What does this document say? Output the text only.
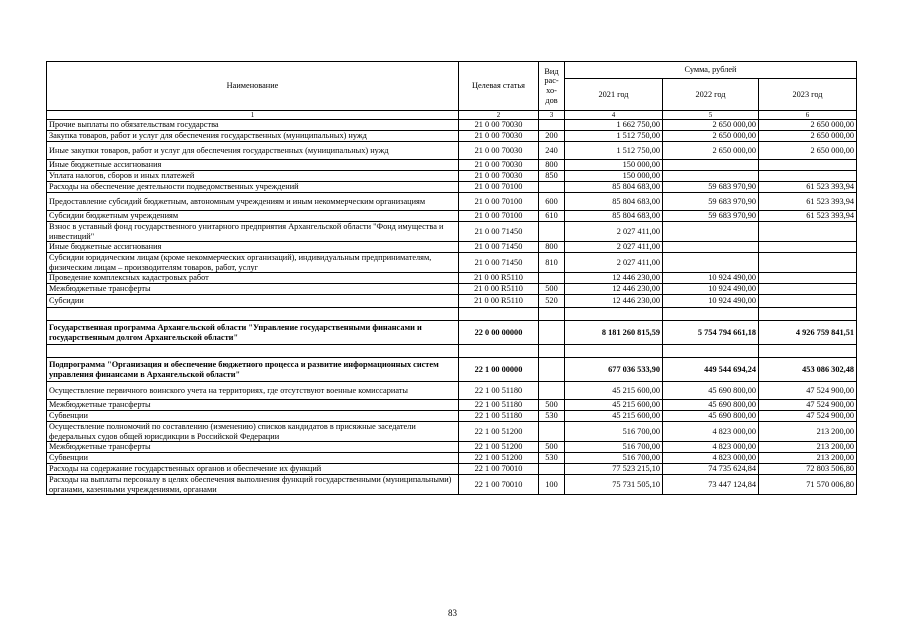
Наименование	Целевая статья	Вид рас- хо- дов	Сумма, рублей		
			2021 год	2022 год	2023 год
1	2	3	4	5	6
Прочие выплаты по обязательствам государства	21 0 00 70030		1 662 750,00	2 650 000,00	2 650 000,00
Закупка товаров, работ и услуг для обеспечения государственных (муниципальных) нужд	21 0 00 70030	200	1 512 750,00	2 650 000,00	2 650 000,00
Иные закупки товаров, работ и услуг для обеспечения государственных (муниципальных) нужд	21 0 00 70030	240	1 512 750,00	2 650 000,00	2 650 000,00
Иные бюджетные ассигнования	21 0 00 70030	800	150 000,00		
Уплата налогов, сборов и иных платежей	21 0 00 70030	850	150 000,00		
Расходы на обеспечение деятельности подведомственных учреждений	21 0 00 70100		85 804 683,00	59 683 970,90	61 523 393,94
Предоставление субсидий бюджетным, автономным учреждениям и иным некоммерческим организациям	21 0 00 70100	600	85 804 683,00	59 683 970,90	61 523 393,94
Субсидии бюджетным учреждениям	21 0 00 70100	610	85 804 683,00	59 683 970,90	61 523 393,94
Взнос в уставный фонд государственного унитарного предприятия Архангельской области "Фонд имущества и инвестиций"	21 0 00 71450		2 027 411,00		
Иные бюджетные ассигнования	21 0 00 71450	800	2 027 411,00		
Субсидии юридическим лицам (кроме некоммерческих организаций), индивидуальным предпринимателям, физическим лицам – производителям товаров, работ, услуг	21 0 00 71450	810	2 027 411,00		
Проведение комплексных кадастровых работ	21 0 00 R5110		12 446 230,00	10 924 490,00	
Межбюджетные трансферты	21 0 00 R5110	500	12 446 230,00	10 924 490,00	
Субсидии	21 0 00 R5110	520	12 446 230,00	10 924 490,00	

Государственная программа Архангельской области "Управление государственными финансами и государственным долгом Архангельской области"	22 0 00 00000		8 181 260 815,59	5 754 794 661,18	4 926 759 841,51

Подпрограмма "Организация и обеспечение бюджетного процесса и развитие информационных систем управления финансами в Архангельской области"	22 1 00 00000		677 036 533,90	449 544 694,24	453 086 302,48
Осуществление первичного воинского учета на территориях, где отсутствуют военные комиссариаты	22 1 00 51180		45 215 600,00	45 690 800,00	47 524 900,00
Межбюджетные трансферты	22 1 00 51180	500	45 215 600,00	45 690 800,00	47 524 900,00
Субвенции	22 1 00 51180	530	45 215 600,00	45 690 800,00	47 524 900,00
Осуществление полномочий по составлению (изменению) списков кандидатов в присяжные заседатели федеральных судов общей юрисдикции в Российской Федерации	22 1 00 51200		516 700,00	4 823 000,00	213 200,00
Межбюджетные трансферты	22 1 00 51200	500	516 700,00	4 823 000,00	213 200,00
Субвенции	22 1 00 51200	530	516 700,00	4 823 000,00	213 200,00
Расходы на содержание государственных органов и обеспечение их функций	22 1 00 70010		77 523 215,10	74 735 624,84	72 803 506,80
Расходы на выплаты персоналу в целях обеспечения выполнения функций государственными (муниципальными) органами, казенными учреждениями, органами	22 1 00 70010	100	75 731 505,10	73 447 124,84	71 570 006,80
83
